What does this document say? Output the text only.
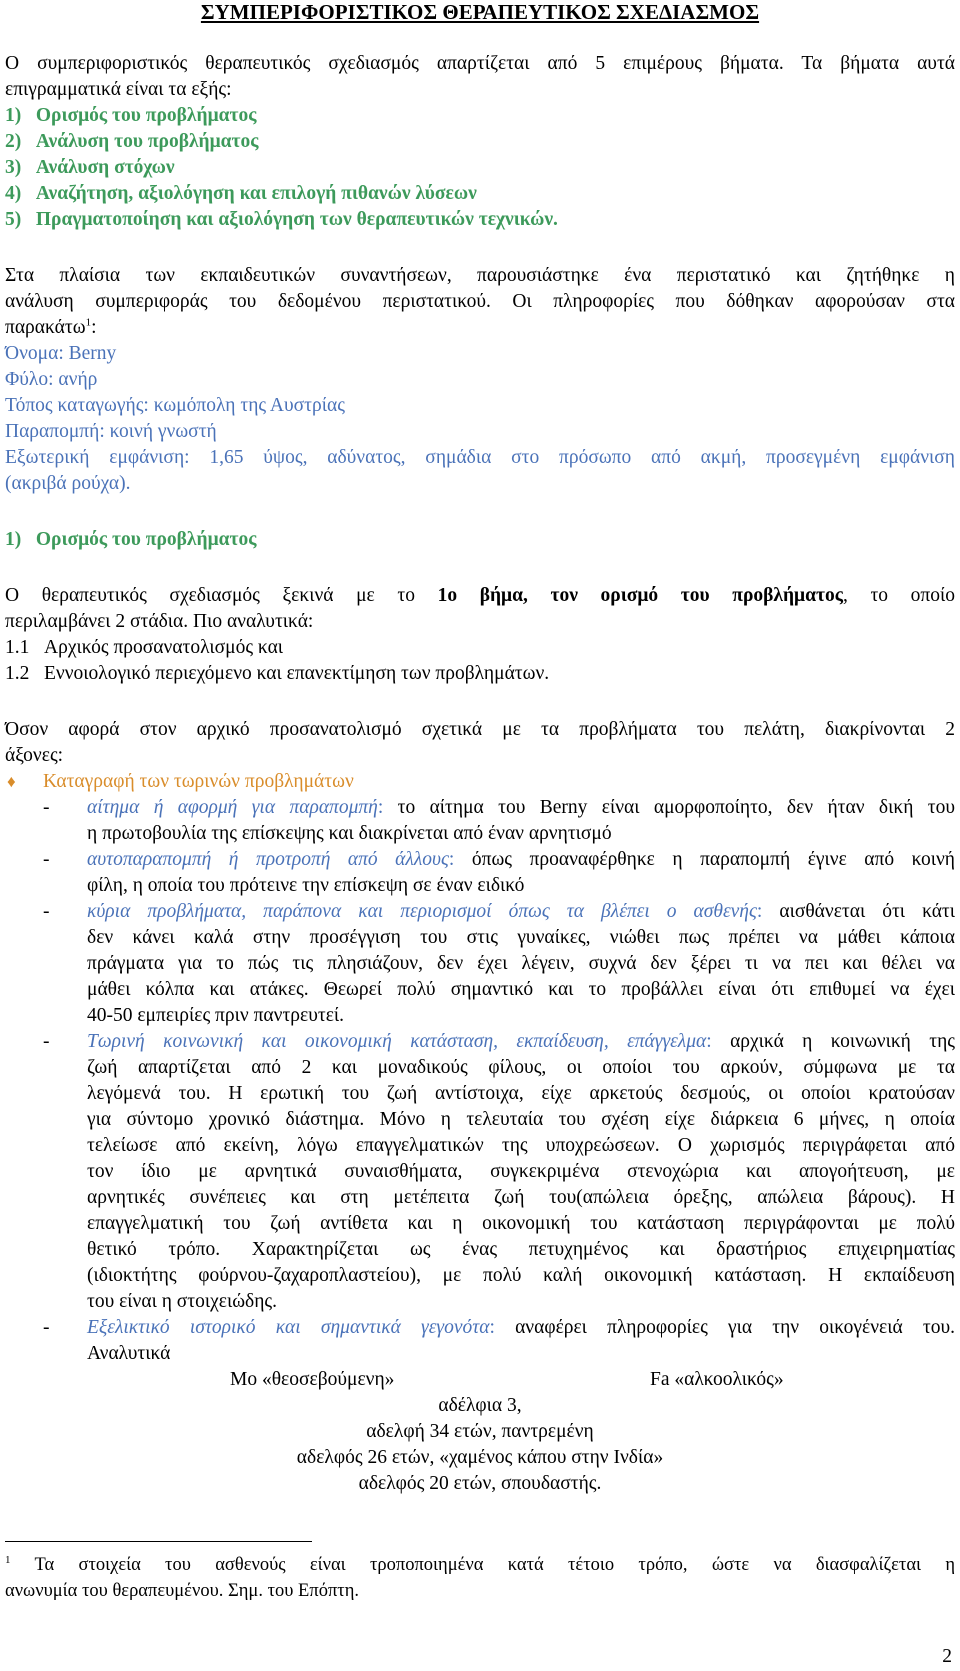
ΣΥΜΠΕΡΙΦΟΡΙΣΤΙΚΟΣ ΘΕΡΑΠΕΥΤΙΚΟΣ ΣΧΕΔΙΑΣΜΟΣ
Ο συμπεριφοριστικός θεραπευτικός σχεδιασμός απαρτίζεται από 5 επιμέρους βήματα. Τα βήματα αυτά
επιγραμματικά είναι τα εξής:
1) Ορισμός του προβλήματος
2) Ανάλυση του προβλήματος
3) Ανάλυση στόχων
4) Αναζήτηση, αξιολόγηση και επιλογή πιθανών λύσεων
5) Πραγματοποίηση και αξιολόγηση των θεραπευτικών τεχνικών.
Στα πλαίσια των εκπαιδευτικών συναντήσεων, παρουσιάστηκε ένα περιστατικό και ζητήθηκε η
ανάλυση συμπεριφοράς του δεδομένου περιστατικού. Οι πληροφορίες που δόθηκαν αφορούσαν στα
παρακάτω$^1$:
Όνομα: Berny
Φύλο: ανήρ
Τόπος καταγωγής: κωμόπολη της Αυστρίας
Παραπομπή: κοινή γνωστή
Εξωτερική εμφάνιση: 1,65 ύψος, αδύνατος, σημάδια στο πρόσωπο από ακμή, προσεγμένη εμφάνιση
(ακριβά ρούχα).
1) Ορισμός του προβλήματος
Ο θεραπευτικός σχεδιασμός ξεκινά με το 1ο βήμα, τον ορισμό του προβλήματος, το οποίο
περιλαμβάνει 2 στάδια. Πιο αναλυτικά:
1.1 Αρχικός προσανατολισμός και
1.2 Εννοιολογικό περιεχόμενο και επανεκτίμηση των προβλημάτων.
Όσον αφορά στον αρχικό προσανατολισμό σχετικά με τα προβλήματα του πελάτη, διακρίνονται 2
άξονες:
♦ Καταγραφή των τωρινών προβλημάτων
- αίτημα ή αφορμή για παραπομπή: το αίτημα του Berny είναι αμορφοποίητο, δεν ήταν δική του
η πρωτοβουλία της επίσκεψης και διακρίνεται από έναν αρνητισμό
- αυτοπαραπομπή ή προτροπή από άλλους: όπως προαναφέρθηκε η παραπομπή έγινε από κοινή
φίλη, η οποία του πρότεινε την επίσκεψη σε έναν ειδικό
- κύρια προβλήματα, παράπονα και περιορισμοί όπως τα βλέπει ο ασθενής: αισθάνεται ότι κάτι
δεν κάνει καλά στην προσέγγιση του στις γυναίκες, νιώθει πως πρέπει να μάθει κάποια
πράγματα για το πώς τις πλησιάζουν, δεν έχει λέγειν, συχνά δεν ξέρει τι να πει και θέλει να
μάθει κόλπα και ατάκες. Θεωρεί πολύ σημαντικό και το προβάλλει είναι ότι επιθυμεί να έχει
40-50 εμπειρίες πριν παντρευτεί.
- Τωρινή κοινωνική και οικονομική κατάσταση, εκπαίδευση, επάγγελμα: αρχικά η κοινωνική της
ζωή απαρτίζεται από 2 και μοναδικούς φίλους, οι οποίοι του αρκούν, σύμφωνα με τα
λεγόμενά του. Η ερωτική του ζωή αντίστοιχα, είχε αρκετούς δεσμούς, οι οποίοι κρατούσαν
για σύντομο χρονικό διάστημα. Μόνο η τελευταία του σχέση είχε διάρκεια 6 μήνες, η οποία
τελείωσε από εκείνη, λόγω επαγγελματικών της υποχρεώσεων. Ο χωρισμός περιγράφεται από
τον ίδιο με αρνητικά συναισθήματα, συγκεκριμένα στενοχώρια και απογοήτευση, με
αρνητικές συνέπειες και στη μετέπειτα ζωή του(απώλεια όρεξης, απώλεια βάρους). Η
επαγγελματική του ζωή αντίθετα και η οικονομική του κατάσταση περιγράφονται με πολύ
θετικό τρόπο. Χαρακτηρίζεται ως ένας πετυχημένος και δραστήριος επιχειρηματίας
(ιδιοκτήτης φούρνου-ζαχαροπλαστείου), με πολύ καλή οικονομική κατάσταση. Η εκπαίδευση
του είναι η στοιχειώδης.
- Εξελικτικό ιστορικό και σημαντικά γεγονότα: αναφέρει πληροφορίες για την οικογένειά του.
Αναλυτικά
Μο «θεοσεβούμενη»	Fa «αλκοολικός»
αδέλφια 3,
αδελφή 34 ετών, παντρεμένη
αδελφός 26 ετών, «χαμένος κάπου στην Ινδία»
αδελφός 20 ετών, σπουδαστής.
$^1$ Τα στοιχεία του ασθενούς είναι τροποποιημένα κατά τέτοιο τρόπο, ώστε να διασφαλίζεται η
ανωνυμία του θεραπευμένου. Σημ. του Επόπτη.
2
